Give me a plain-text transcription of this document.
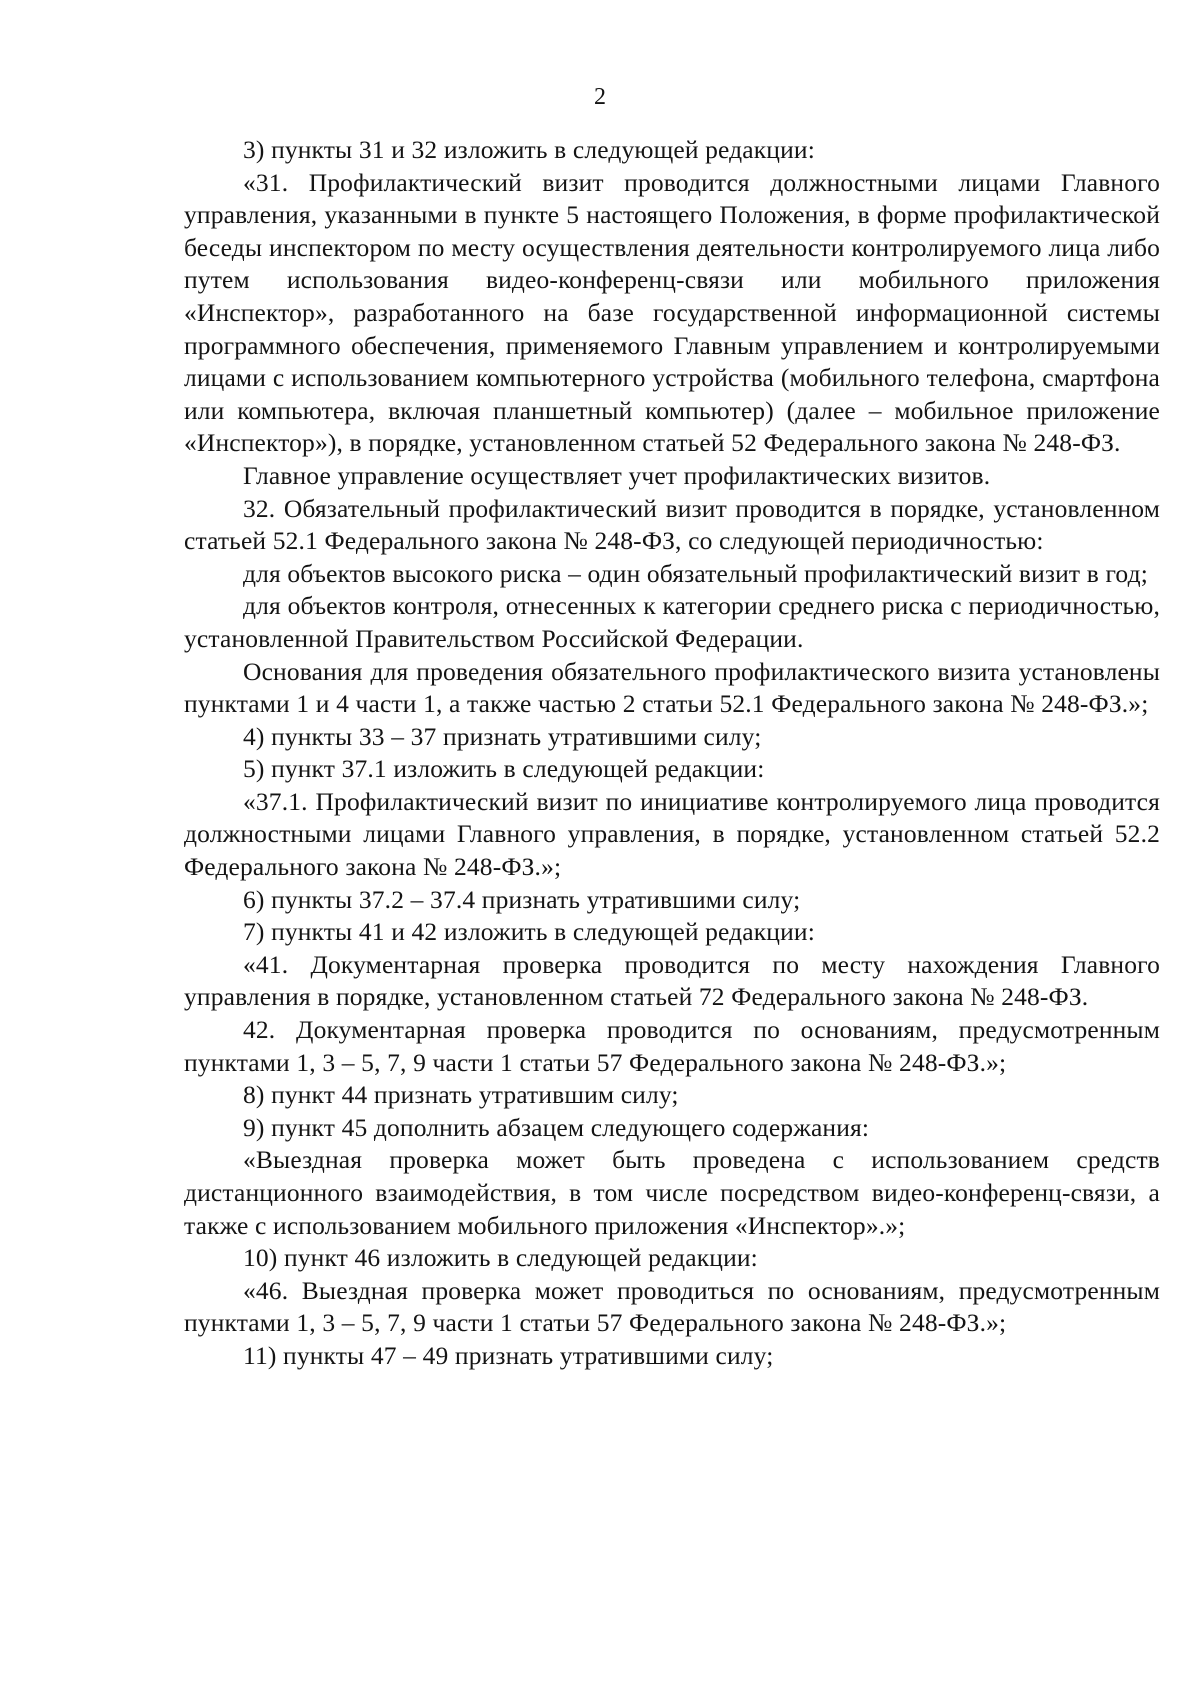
2

3) пункты 31 и 32 изложить в следующей редакции:

«31. Профилактический визит проводится должностными лицами Главного управления, указанными в пункте 5 настоящего Положения, в форме профилактической беседы инспектором по месту осуществления деятельности контролируемого лица либо путем использования видео-конференц-связи или мобильного приложения «Инспектор», разработанного на базе государственной информационной системы программного обеспечения, применяемого Главным управлением и контролируемыми лицами с использованием компьютерного устройства (мобильного телефона, смартфона или компьютера, включая планшетный компьютер) (далее – мобильное приложение «Инспектор»), в порядке, установленном статьей 52 Федерального закона № 248-ФЗ.

Главное управление осуществляет учет профилактических визитов.

32. Обязательный профилактический визит проводится в порядке, установленном статьей 52.1 Федерального закона № 248-ФЗ, со следующей периодичностью:

для объектов высокого риска – один обязательный профилактический визит в год;

для объектов контроля, отнесенных к категории среднего риска с периодичностью, установленной Правительством Российской Федерации.

Основания для проведения обязательного профилактического визита установлены пунктами 1 и 4 части 1, а также частью 2 статьи 52.1 Федерального закона № 248-ФЗ.»;

4) пункты 33 – 37 признать утратившими силу;

5) пункт 37.1 изложить в следующей редакции:

«37.1. Профилактический визит по инициативе контролируемого лица проводится должностными лицами Главного управления, в порядке, установленном статьей 52.2 Федерального закона № 248-ФЗ.»;

6) пункты 37.2 – 37.4 признать утратившими силу;

7) пункты 41 и 42 изложить в следующей редакции:

«41. Документарная проверка проводится по месту нахождения Главного управления в порядке, установленном статьей 72 Федерального закона № 248-ФЗ.

42. Документарная проверка проводится по основаниям, предусмотренным пунктами 1, 3 – 5, 7, 9 части 1 статьи 57 Федерального закона № 248-ФЗ.»;

8) пункт 44 признать утратившим силу;

9) пункт 45 дополнить абзацем следующего содержания:

«Выездная проверка может быть проведена с использованием средств дистанционного взаимодействия, в том числе посредством видео-конференц-связи, а также с использованием мобильного приложения «Инспектор».»;

10) пункт 46 изложить в следующей редакции:

«46. Выездная проверка может проводиться по основаниям, предусмотренным пунктами 1, 3 – 5, 7, 9 части 1 статьи 57 Федерального закона № 248-ФЗ.»;

11) пункты 47 – 49 признать утратившими силу;
